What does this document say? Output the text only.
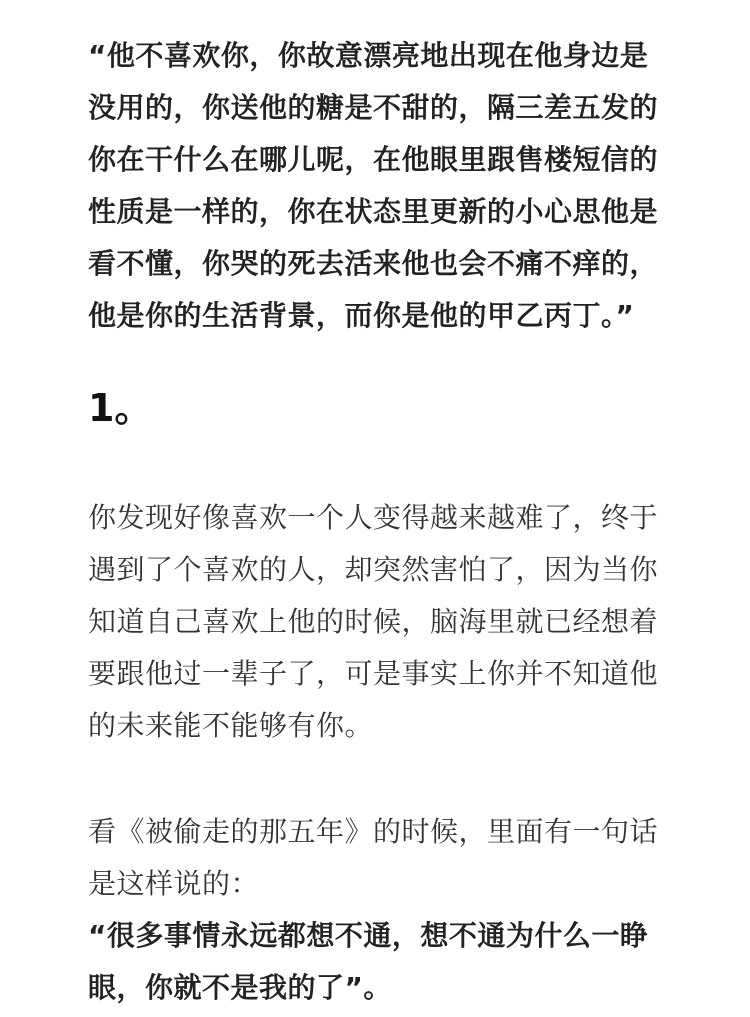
“他不喜欢你，你故意漂亮地出现在他身边是
没用的，你送他的糖是不甜的，隔三差五发的
你在干什么在哪儿呢，在他眼里跟售楼短信的
性质是一样的，你在状态里更新的小心思他是
看不懂，你哭的死去活来他也会不痛不痒的，
他是你的生活背景，而你是他的甲乙丙丁。”

1。

你发现好像喜欢一个人变得越来越难了，终于
遇到了个喜欢的人，却突然害怕了，因为当你
知道自己喜欢上他的时候，脑海里就已经想着
要跟他过一辈子了，可是事实上你并不知道他
的未来能不能够有你。

看《被偷走的那五年》的时候，里面有一句话
是这样说的：

“很多事情永远都想不通，想不通为什么一睁
眼，你就不是我的了”。
